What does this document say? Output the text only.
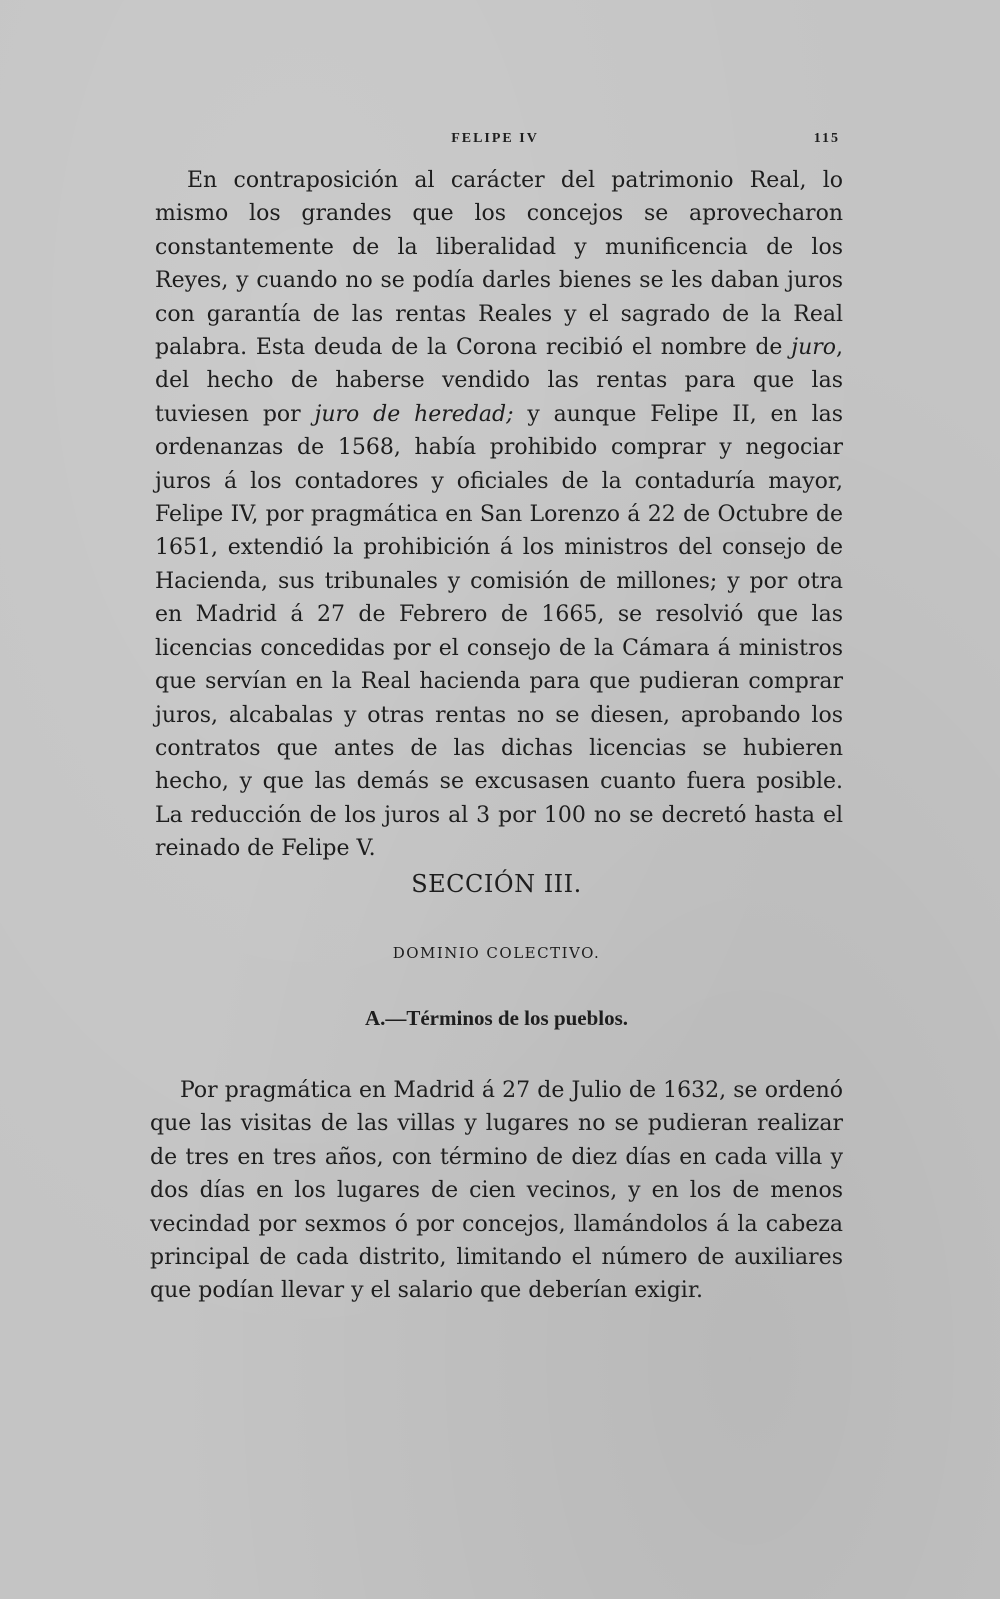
FELIPE IV	115

En contraposición al carácter del patrimonio Real, lo mismo los grandes que los concejos se aprovecharon constantemente de la liberalidad y munificencia de los Reyes, y cuando no se podía darles bienes se les daban juros con garantía de las rentas Reales y el sagrado de la Real palabra. Esta deuda de la Corona recibió el nombre de juro, del hecho de haberse vendido las rentas para que las tuviesen por juro de heredad; y aunque Felipe II, en las ordenanzas de 1568, había prohibido comprar y negociar juros á los contadores y oficiales de la contaduría mayor, Felipe IV, por pragmática en San Lorenzo á 22 de Octubre de 1651, extendió la prohibición á los ministros del consejo de Hacienda, sus tribunales y comisión de millones; y por otra en Madrid á 27 de Febrero de 1665, se resolvió que las licencias concedidas por el consejo de la Cámara á ministros que servían en la Real hacienda para que pudieran comprar juros, alcabalas y otras rentas no se diesen, aprobando los contratos que antes de las dichas licencias se hubieren hecho, y que las demás se excusasen cuanto fuera posible. La reducción de los juros al 3 por 100 no se decretó hasta el reinado de Felipe V.

SECCIÓN III.
DOMINIO COLECTIVO.
A.—Términos de los pueblos.

Por pragmática en Madrid á 27 de Julio de 1632, se ordenó que las visitas de las villas y lugares no se pudieran realizar de tres en tres años, con término de diez días en cada villa y dos días en los lugares de cien vecinos, y en los de menos vecindad por sexmos ó por concejos, llamándolos á la cabeza principal de cada distrito, limitando el número de auxiliares que podían llevar y el salario que deberían exigir.
